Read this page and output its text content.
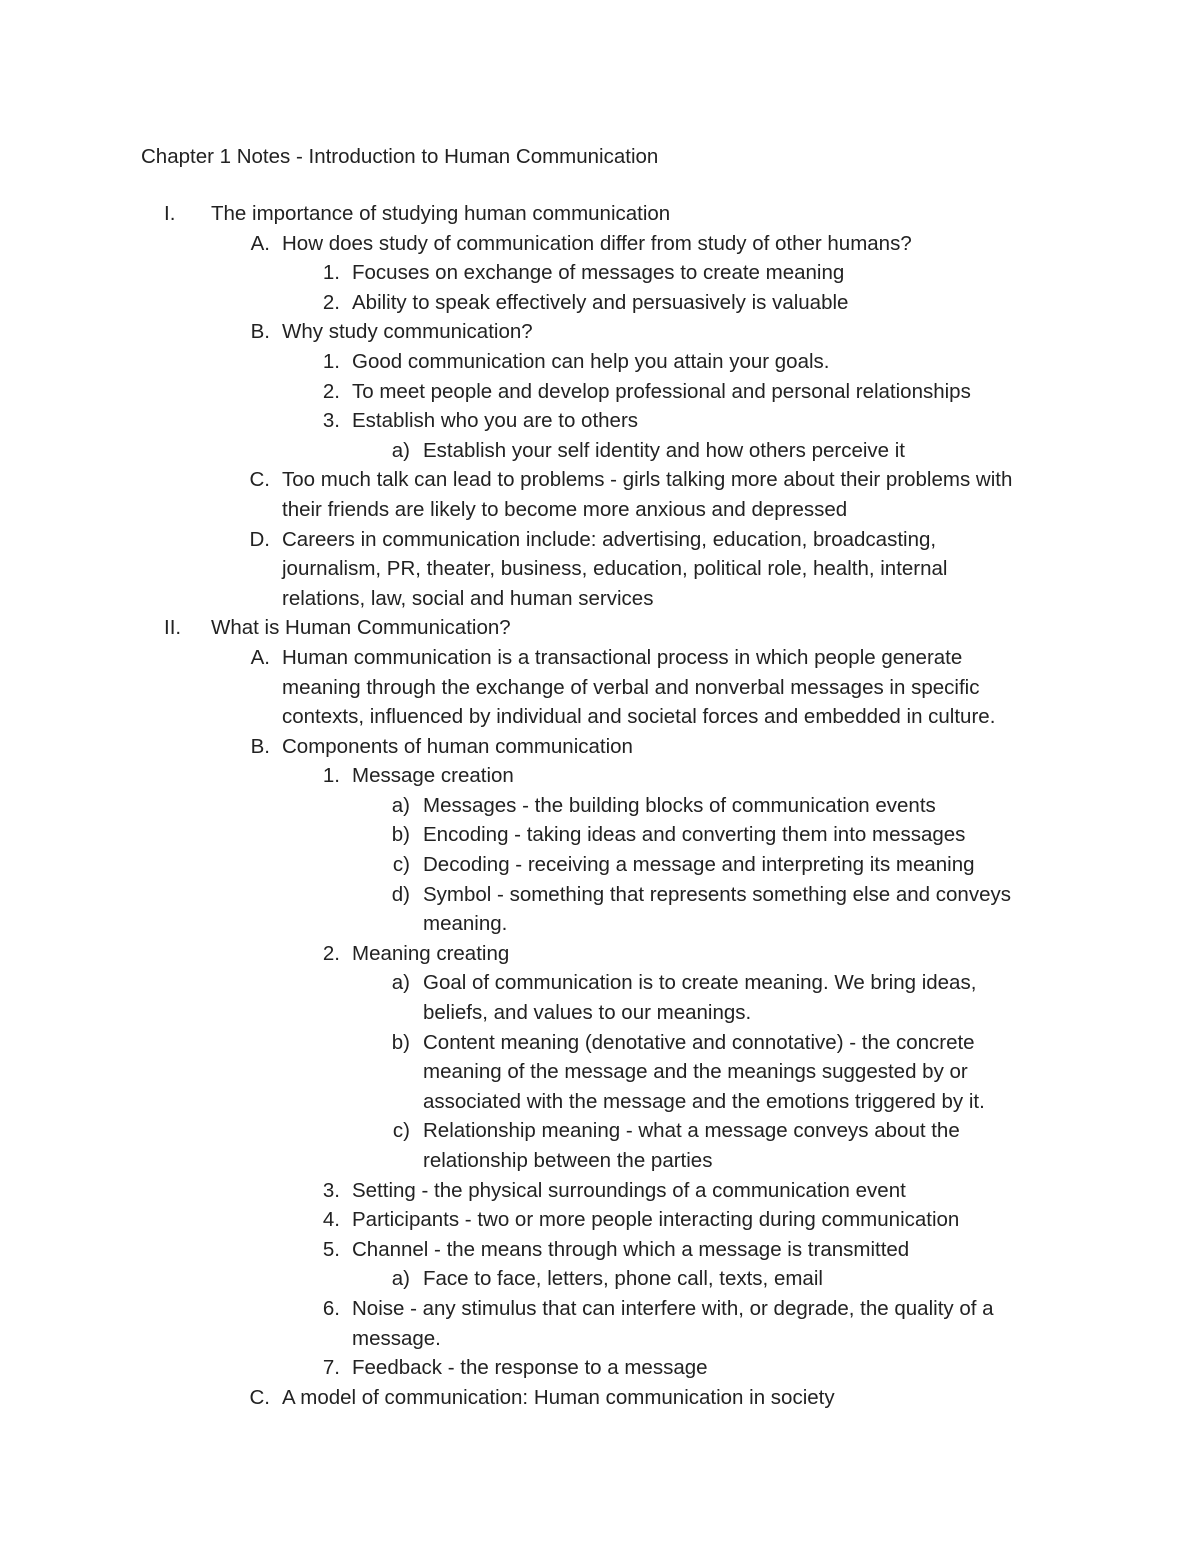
Chapter 1 Notes - Introduction to Human Communication
I. The importance of studying human communication
A. How does study of communication differ from study of other humans?
1. Focuses on exchange of messages to create meaning
2. Ability to speak effectively and persuasively is valuable
B. Why study communication?
1. Good communication can help you attain your goals.
2. To meet people and develop professional and personal relationships
3. Establish who you are to others
a) Establish your self identity and how others perceive it
C. Too much talk can lead to problems - girls talking more about their problems with
their friends are likely to become more anxious and depressed
D. Careers in communication include: advertising, education, broadcasting,
journalism, PR, theater, business, education, political role, health, internal
relations, law, social and human services
II. What is Human Communication?
A. Human communication is a transactional process in which people generate
meaning through the exchange of verbal and nonverbal messages in specific
contexts, influenced by individual and societal forces and embedded in culture.
B. Components of human communication
1. Message creation
a) Messages - the building blocks of communication events
b) Encoding - taking ideas and converting them into messages
c) Decoding - receiving a message and interpreting its meaning
d) Symbol - something that represents something else and conveys
meaning.
2. Meaning creating
a) Goal of communication is to create meaning. We bring ideas,
beliefs, and values to our meanings.
b) Content meaning (denotative and connotative) - the concrete
meaning of the message and the meanings suggested by or
associated with the message and the emotions triggered by it.
c) Relationship meaning - what a message conveys about the
relationship between the parties
3. Setting - the physical surroundings of a communication event
4. Participants - two or more people interacting during communication
5. Channel - the means through which a message is transmitted
a) Face to face, letters, phone call, texts, email
6. Noise - any stimulus that can interfere with, or degrade, the quality of a
message.
7. Feedback - the response to a message
C. A model of communication: Human communication in society
